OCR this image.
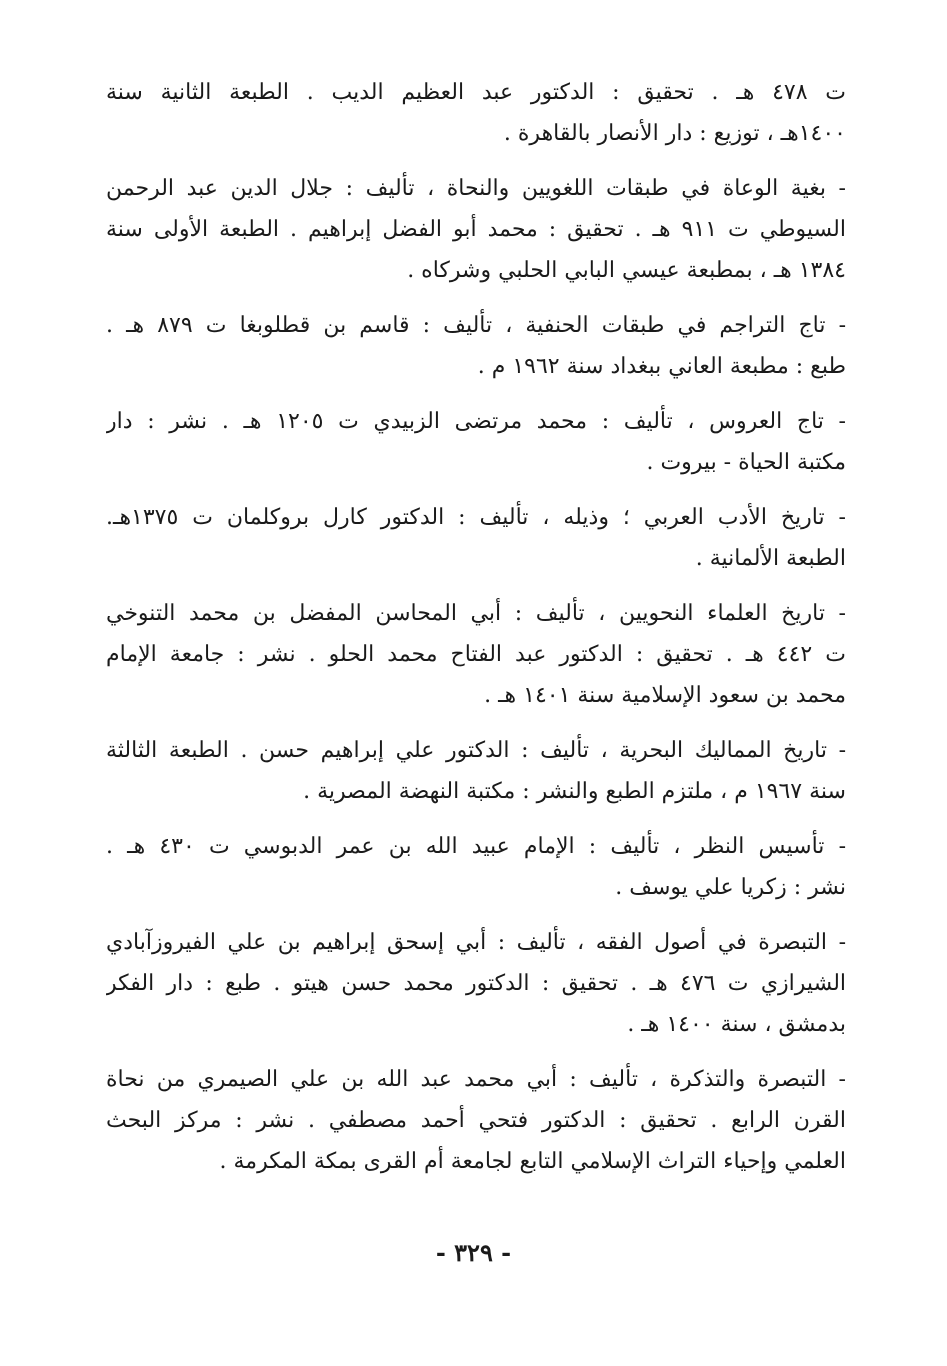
ت ٤٧٨ هـ . تحقيق : الدكتور عبد العظيم الديب . الطبعة الثانية سنة
١٤٠٠هـ ، توزيع : دار الأنصار بالقاهرة .
- بغية الوعاة في طبقات اللغويين والنحاة ، تأليف : جلال الدين عبد الرحمن
السيوطي ت ٩١١ هـ . تحقيق : محمد أبو الفضل إبراهيم . الطبعة الأولى سنة
١٣٨٤ هـ ، بمطبعة عيسي البابي الحلبي وشركاه .
- تاج التراجم في طبقات الحنفية ، تأليف : قاسم بن قطلوبغا ت ٨٧٩ هـ .
طبع : مطبعة العاني ببغداد سنة ١٩٦٢ م .
- تاج العروس ، تأليف : محمد مرتضى الزبيدي ت ١٢٠٥ هـ . نشر : دار
مكتبة الحياة - بيروت .
- تاريخ الأدب العربي ؛ وذيله ، تأليف : الدكتور كارل بروكلمان ت ١٣٧٥هـ.
الطبعة الألمانية .
- تاريخ العلماء النحويين ، تأليف : أبي المحاسن المفضل بن محمد التنوخي
ت ٤٤٢ هـ . تحقيق : الدكتور عبد الفتاح محمد الحلو . نشر : جامعة الإمام
محمد بن سعود الإسلامية سنة ١٤٠١ هـ .
- تاريخ المماليك البحرية ، تأليف : الدكتور علي إبراهيم حسن . الطبعة الثالثة
سنة ١٩٦٧ م ، ملتزم الطبع والنشر : مكتبة النهضة المصرية .
- تأسيس النظر ، تأليف : الإمام عبيد الله بن عمر الدبوسي ت ٤٣٠ هـ .
نشر : زكريا علي يوسف .
- التبصرة في أصول الفقه ، تأليف : أبي إسحق إبراهيم بن علي الفيروزآبادي
الشيرازي ت ٤٧٦ هـ . تحقيق : الدكتور محمد حسن هيتو . طبع : دار الفكر
بدمشق ، سنة ١٤٠٠ هـ .
- التبصرة والتذكرة ، تأليف : أبي محمد عبد الله بن علي الصيمري من نحاة
القرن الرابع . تحقيق : الدكتور فتحي أحمد مصطفي . نشر : مركز البحث
العلمي وإحياء التراث الإسلامي التابع لجامعة أم القرى بمكة المكرمة .
- ٣٢٩ -
